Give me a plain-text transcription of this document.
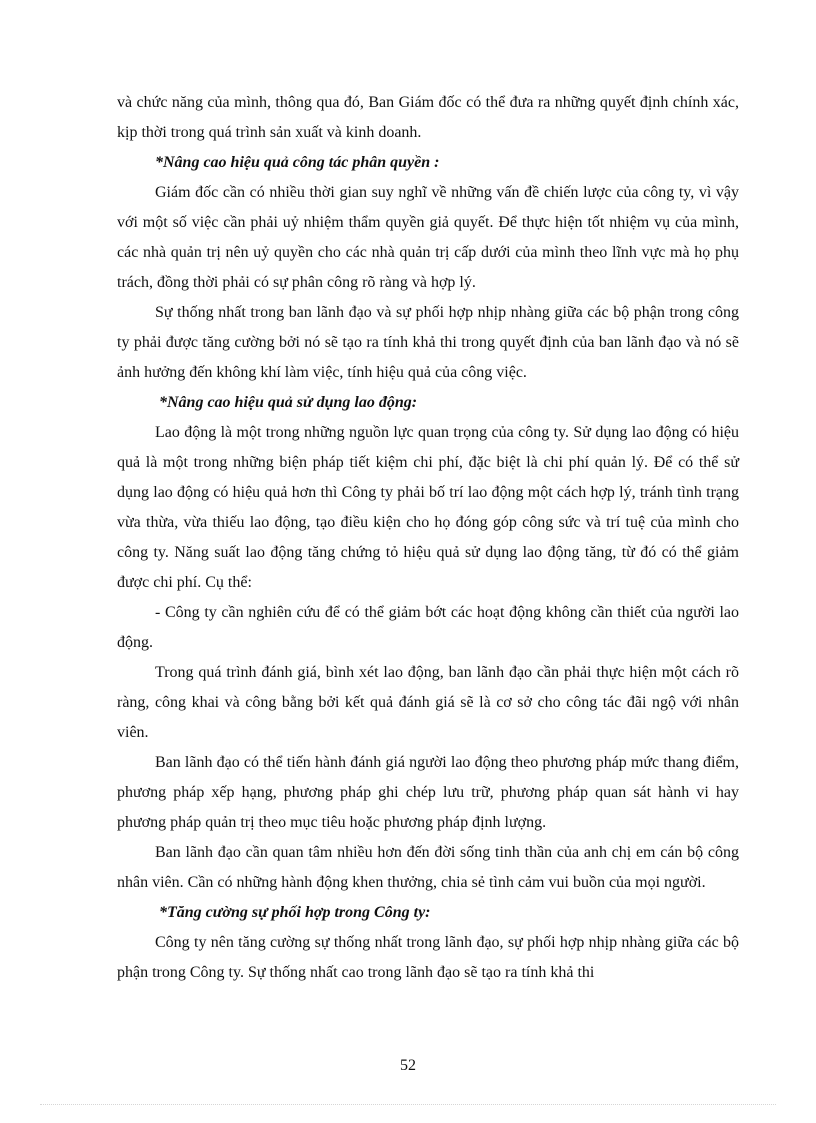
và chức năng của mình, thông qua đó, Ban Giám đốc có thể đưa ra những quyết định chính xác, kịp thời trong quá trình sản xuất và kinh doanh.

*Nâng cao hiệu quả công tác phân quyền :

Giám đốc cần có nhiều thời gian suy nghĩ về những vấn đề chiến lược của công ty, vì vậy với một số việc cần phải uỷ nhiệm thẩm quyền giả quyết. Để thực hiện tốt nhiệm vụ của mình, các nhà quản trị nên uỷ quyền cho các nhà quản trị cấp dưới của mình theo lĩnh vực mà họ phụ trách, đồng thời phải có sự phân công rõ ràng và hợp lý.

Sự thống nhất trong ban lãnh đạo và sự phối hợp nhịp nhàng giữa các bộ phận trong công ty phải được tăng cường bởi nó sẽ tạo ra tính khả thi trong quyết định của ban lãnh đạo và nó sẽ ảnh hưởng đến không khí làm việc, tính hiệu quả của công việc.

*Nâng cao hiệu quả sử dụng lao động:

Lao động là một trong những nguồn lực quan trọng của công ty. Sử dụng lao động có hiệu quả là một trong những biện pháp tiết kiệm chi phí, đặc biệt là chi phí quản lý. Để có thể sử dụng lao động có hiệu quả hơn thì Công ty phải bố trí lao động một cách hợp lý, tránh tình trạng vừa thừa, vừa thiếu lao động, tạo điều kiện cho họ đóng góp công sức và trí tuệ của mình cho công ty. Năng suất lao động tăng chứng tỏ hiệu quả sử dụng lao động tăng, từ đó có thể giảm được chi phí. Cụ thể:

- Công ty cần nghiên cứu để có thể giảm bớt các hoạt động không cần thiết của người lao động.

Trong quá trình đánh giá, bình xét lao động, ban lãnh đạo cần phải thực hiện một cách rõ ràng, công khai và công bằng bởi kết quả đánh giá sẽ là cơ sở cho công tác đãi ngộ với nhân viên.

Ban lãnh đạo có thể tiến hành đánh giá người lao động theo phương pháp mức thang điểm, phương pháp xếp hạng, phương pháp ghi chép lưu trữ, phương pháp quan sát hành vi hay phương pháp quản trị theo mục tiêu hoặc phương pháp định lượng.

Ban lãnh đạo cần quan tâm nhiều hơn đến đời sống tinh thần của anh chị em cán bộ công nhân viên. Cần có những hành động khen thưởng, chia sẻ tình cảm vui buồn của mọi người.

*Tăng cường sự phối hợp trong Công ty:

Công ty nên tăng cường sự thống nhất trong lãnh đạo, sự phối hợp nhịp nhàng giữa các bộ phận trong Công ty. Sự thống nhất cao trong lãnh đạo sẽ tạo ra tính khả thi

52
